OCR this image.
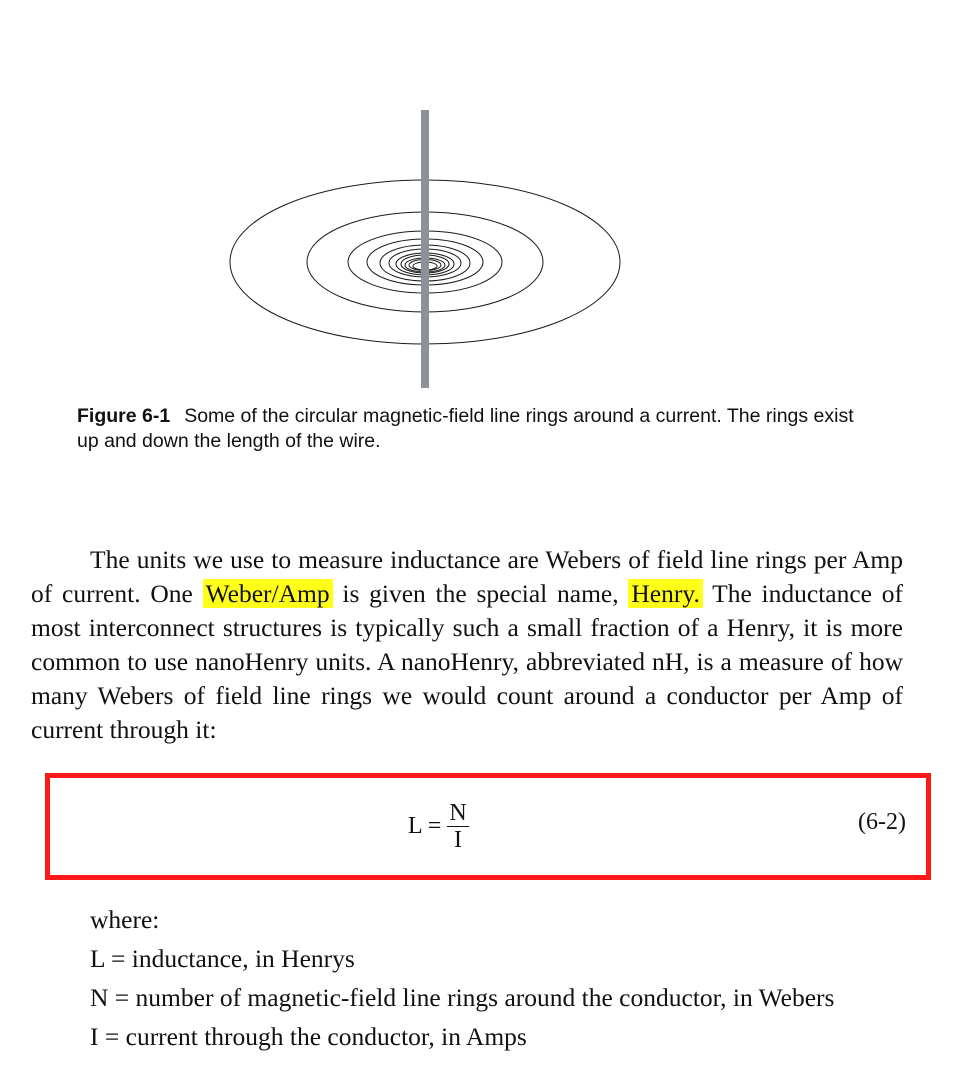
Figure 6-1 Some of the circular magnetic-field line rings around a current. The rings exist up and down the length of the wire.

The units we use to measure inductance are Webers of field line rings per Amp of current. One Weber/Amp is given the special name, Henry. The inductance of most interconnect structures is typically such a small fraction of a Henry, it is more common to use nanoHenry units. A nanoHenry, abbreviated nH, is a measure of how many Webers of field line rings we would count around a conductor per Amp of current through it:

$L = \frac{N}{I}$	(6-2)
where:
L = inductance, in Henrys
N = number of magnetic-field line rings around the conductor, in Webers
I = current through the conductor, in Amps
